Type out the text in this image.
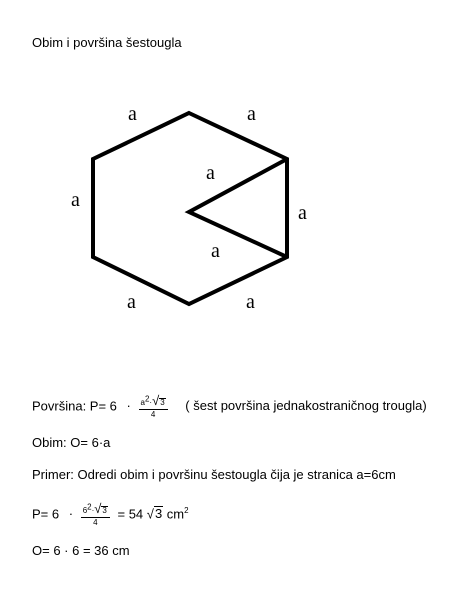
Obim i površina šestougla
a	a
a
a
a
a
a	a
Površina: $P= 6 \cdot \frac{a^2\cdot√3}{4}$ ( šest površina jednakostraničnog trougla)
Obim: O= 6·a
Primer: Odredi obim i površinu šestougla čija je stranica a=6cm
$P= 6 \cdot \frac{6^2\cdot√3}{4} = 54$ √3 $cm^2$
O= 6 · 6 = 36 cm
